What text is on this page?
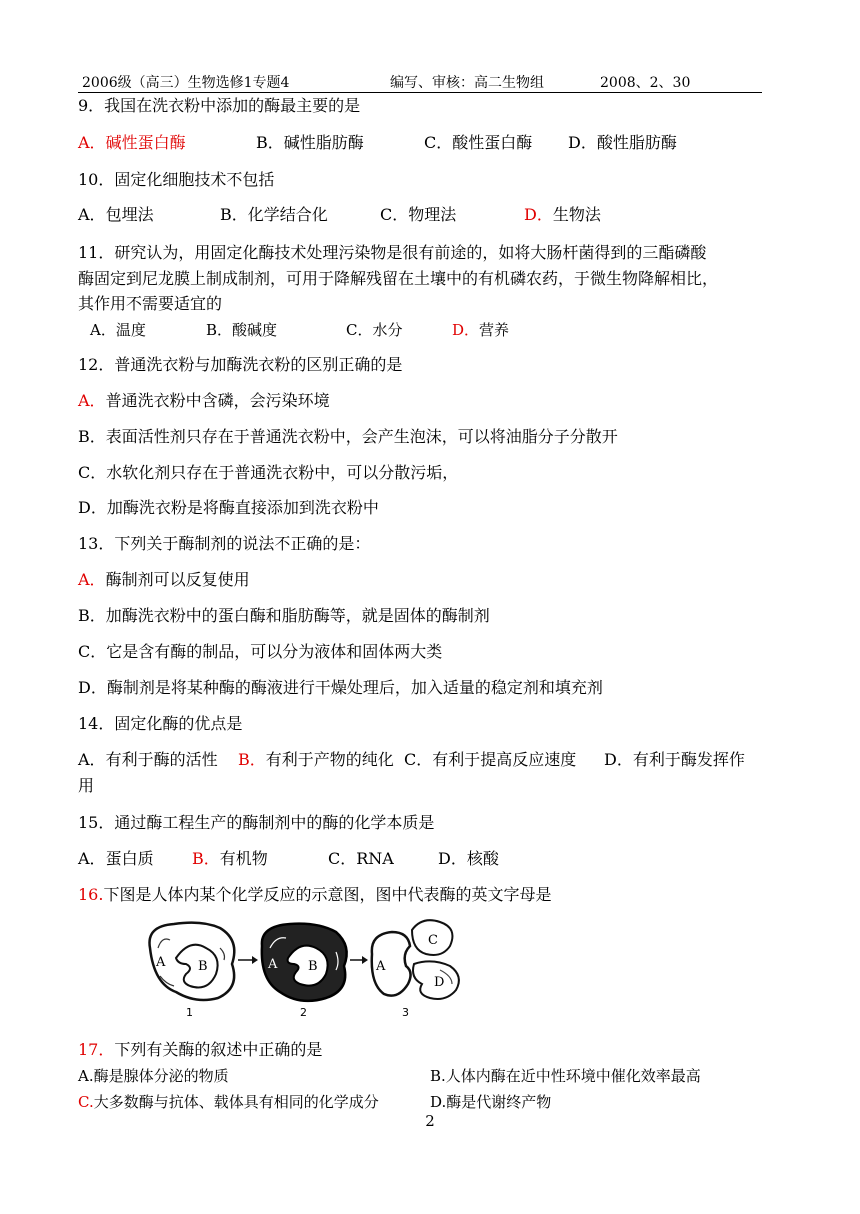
2006级（高三）生物选修1专题4	编写、审核：高二生物组	2008、2、30
9．我国在洗衣粉中添加的酶最主要的是
A．碱性蛋白酶	B．碱性脂肪酶	C．酸性蛋白酶 D．酸性脂肪酶
10．固定化细胞技术不包括
A．包埋法	B．化学结合化	C．物理法	D．生物法
11．研究认为，用固定化酶技术处理污染物是很有前途的，如将大肠杆菌得到的三酯磷酸
酶固定到尼龙膜上制成制剂，可用于降解残留在土壤中的有机磷农药，于微生物降解相比，
其作用不需要适宜的
A．温度	B．酸碱度	C．水分	D．营养
12．普通洗衣粉与加酶洗衣粉的区别正确的是
A．普通洗衣粉中含磷，会污染环境
B．表面活性剂只存在于普通洗衣粉中，会产生泡沫，可以将油脂分子分散开
C．水软化剂只存在于普通洗衣粉中，可以分散污垢，
D．加酶洗衣粉是将酶直接添加到洗衣粉中
13．下列关于酶制剂的说法不正确的是：
A．酶制剂可以反复使用
B．加酶洗衣粉中的蛋白酶和脂肪酶等，就是固体的酶制剂
C．它是含有酶的制品，可以分为液体和固体两大类
D．酶制剂是将某种酶的酶液进行干燥处理后，加入适量的稳定剂和填充剂
14．固定化酶的优点是
A．有利于酶的活性 B．有利于产物的纯化 C．有利于提高反应速度 D．有利于酶发挥作
用
15．通过酶工程生产的酶制剂中的酶的化学本质是
A．蛋白质 B．有机物	C．RNA	D．核酸
16.下图是人体内某个化学反应的示意图，图中代表酶的英文字母是
A	B
1
A B
2
A
C
D
3
17．下列有关酶的叙述中正确的是
A.酶是腺体分泌的物质	B.人体内酶在近中性环境中催化效率最高
C.大多数酶与抗体、载体具有相同的化学成分	D.酶是代谢终产物
2
